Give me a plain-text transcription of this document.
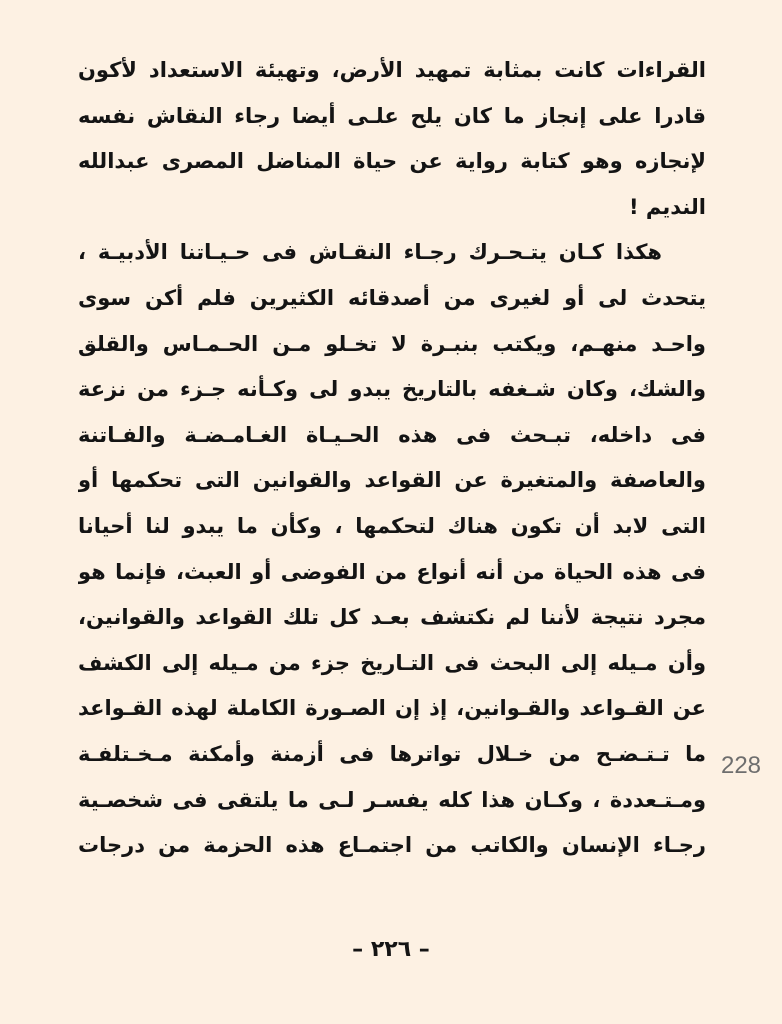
القراءات كانت بمثابة تمهيد الأرض، وتهيئة الاستعداد لأكون
قادرا على إنجاز ما كان يلح علـى أيضا رجاء النقاش نفسه
لإنجازه وهو كتابة رواية عن حياة المناضل المصرى عبدالله
النديم !
هكذا كـان يتـحـرك رجـاء النقـاش فى حـيـاتنا الأدبيـة ،
يتحدث لى أو لغيرى من أصدقائه الكثيرين فلم أكن سوى
واحـد منهـم، ويكتب بنبـرة لا تخـلو مـن الحـمـاس والقلق
والشك، وكان شـغفه بالتاريخ يبدو لى وكـأنه جـزء من نزعة
فى داخله، تبـحث فى هذه الحـيـاة الغـامـضـة والفـاتنة
والعاصفة والمتغيرة عن القواعد والقوانين التى تحكمها أو
التى لابد أن تكون هناك لتحكمها ، وكأن ما يبدو لنا أحيانا
فى هذه الحياة من أنه أنواع من الفوضى أو العبث، فإنما هو
مجرد نتيجة لأننا لم نكتشف بعـد كل تلك القواعد والقوانين،
وأن مـيله إلى البحث فى التـاريخ جزء من مـيله إلى الكشف
عن القـواعد والقـوانين، إذ إن الصـورة الكاملة لهذه القـواعد
ما تـتـضـح من خـلال تواترها فى أزمنة وأمكنة مـخـتلفـة
ومـتـعددة ، وكـان هذا كله يفسـر لـى ما يلتقى فى شخصـية
رجـاء الإنسان والكاتب من اجتمـاع هذه الحزمة من درجات
228
– ٢٢٦ –
